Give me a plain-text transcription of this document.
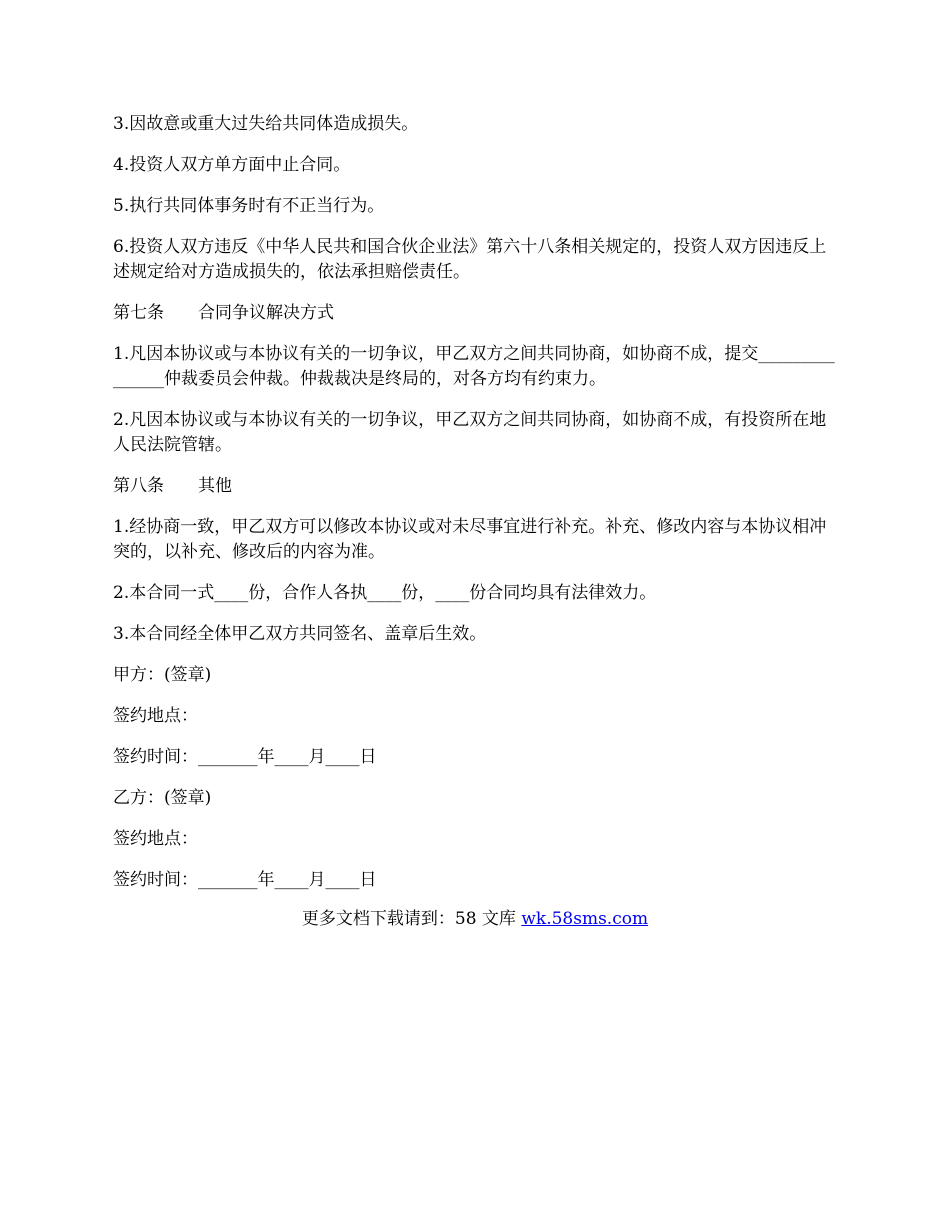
3.因故意或重大过失给共同体造成损失。

4.投资人双方单方面中止合同。

5.执行共同体事务时有不正当行为。

6.投资人双方违反《中华人民共和国合伙企业法》第六十八条相关规定的，投资人双方因违反上述规定给对方造成损失的，依法承担赔偿责任。

第七条　　合同争议解决方式

1.凡因本协议或与本协议有关的一切争议，甲乙双方之间共同协商，如协商不成，提交_______________仲裁委员会仲裁。仲裁裁决是终局的，对各方均有约束力。

2.凡因本协议或与本协议有关的一切争议，甲乙双方之间共同协商，如协商不成，有投资所在地人民法院管辖。

第八条　　其他

1.经协商一致，甲乙双方可以修改本协议或对未尽事宜进行补充。补充、修改内容与本协议相冲突的，以补充、修改后的内容为准。

2.本合同一式____份，合作人各执____份，____份合同均具有法律效力。

3.本合同经全体甲乙双方共同签名、盖章后生效。

甲方：(签章)

签约地点：

签约时间：_______年____月____日

乙方：(签章)

签约地点：

签约时间：_______年____月____日

更多文档下载请到：58 文库 wk.58sms.com
